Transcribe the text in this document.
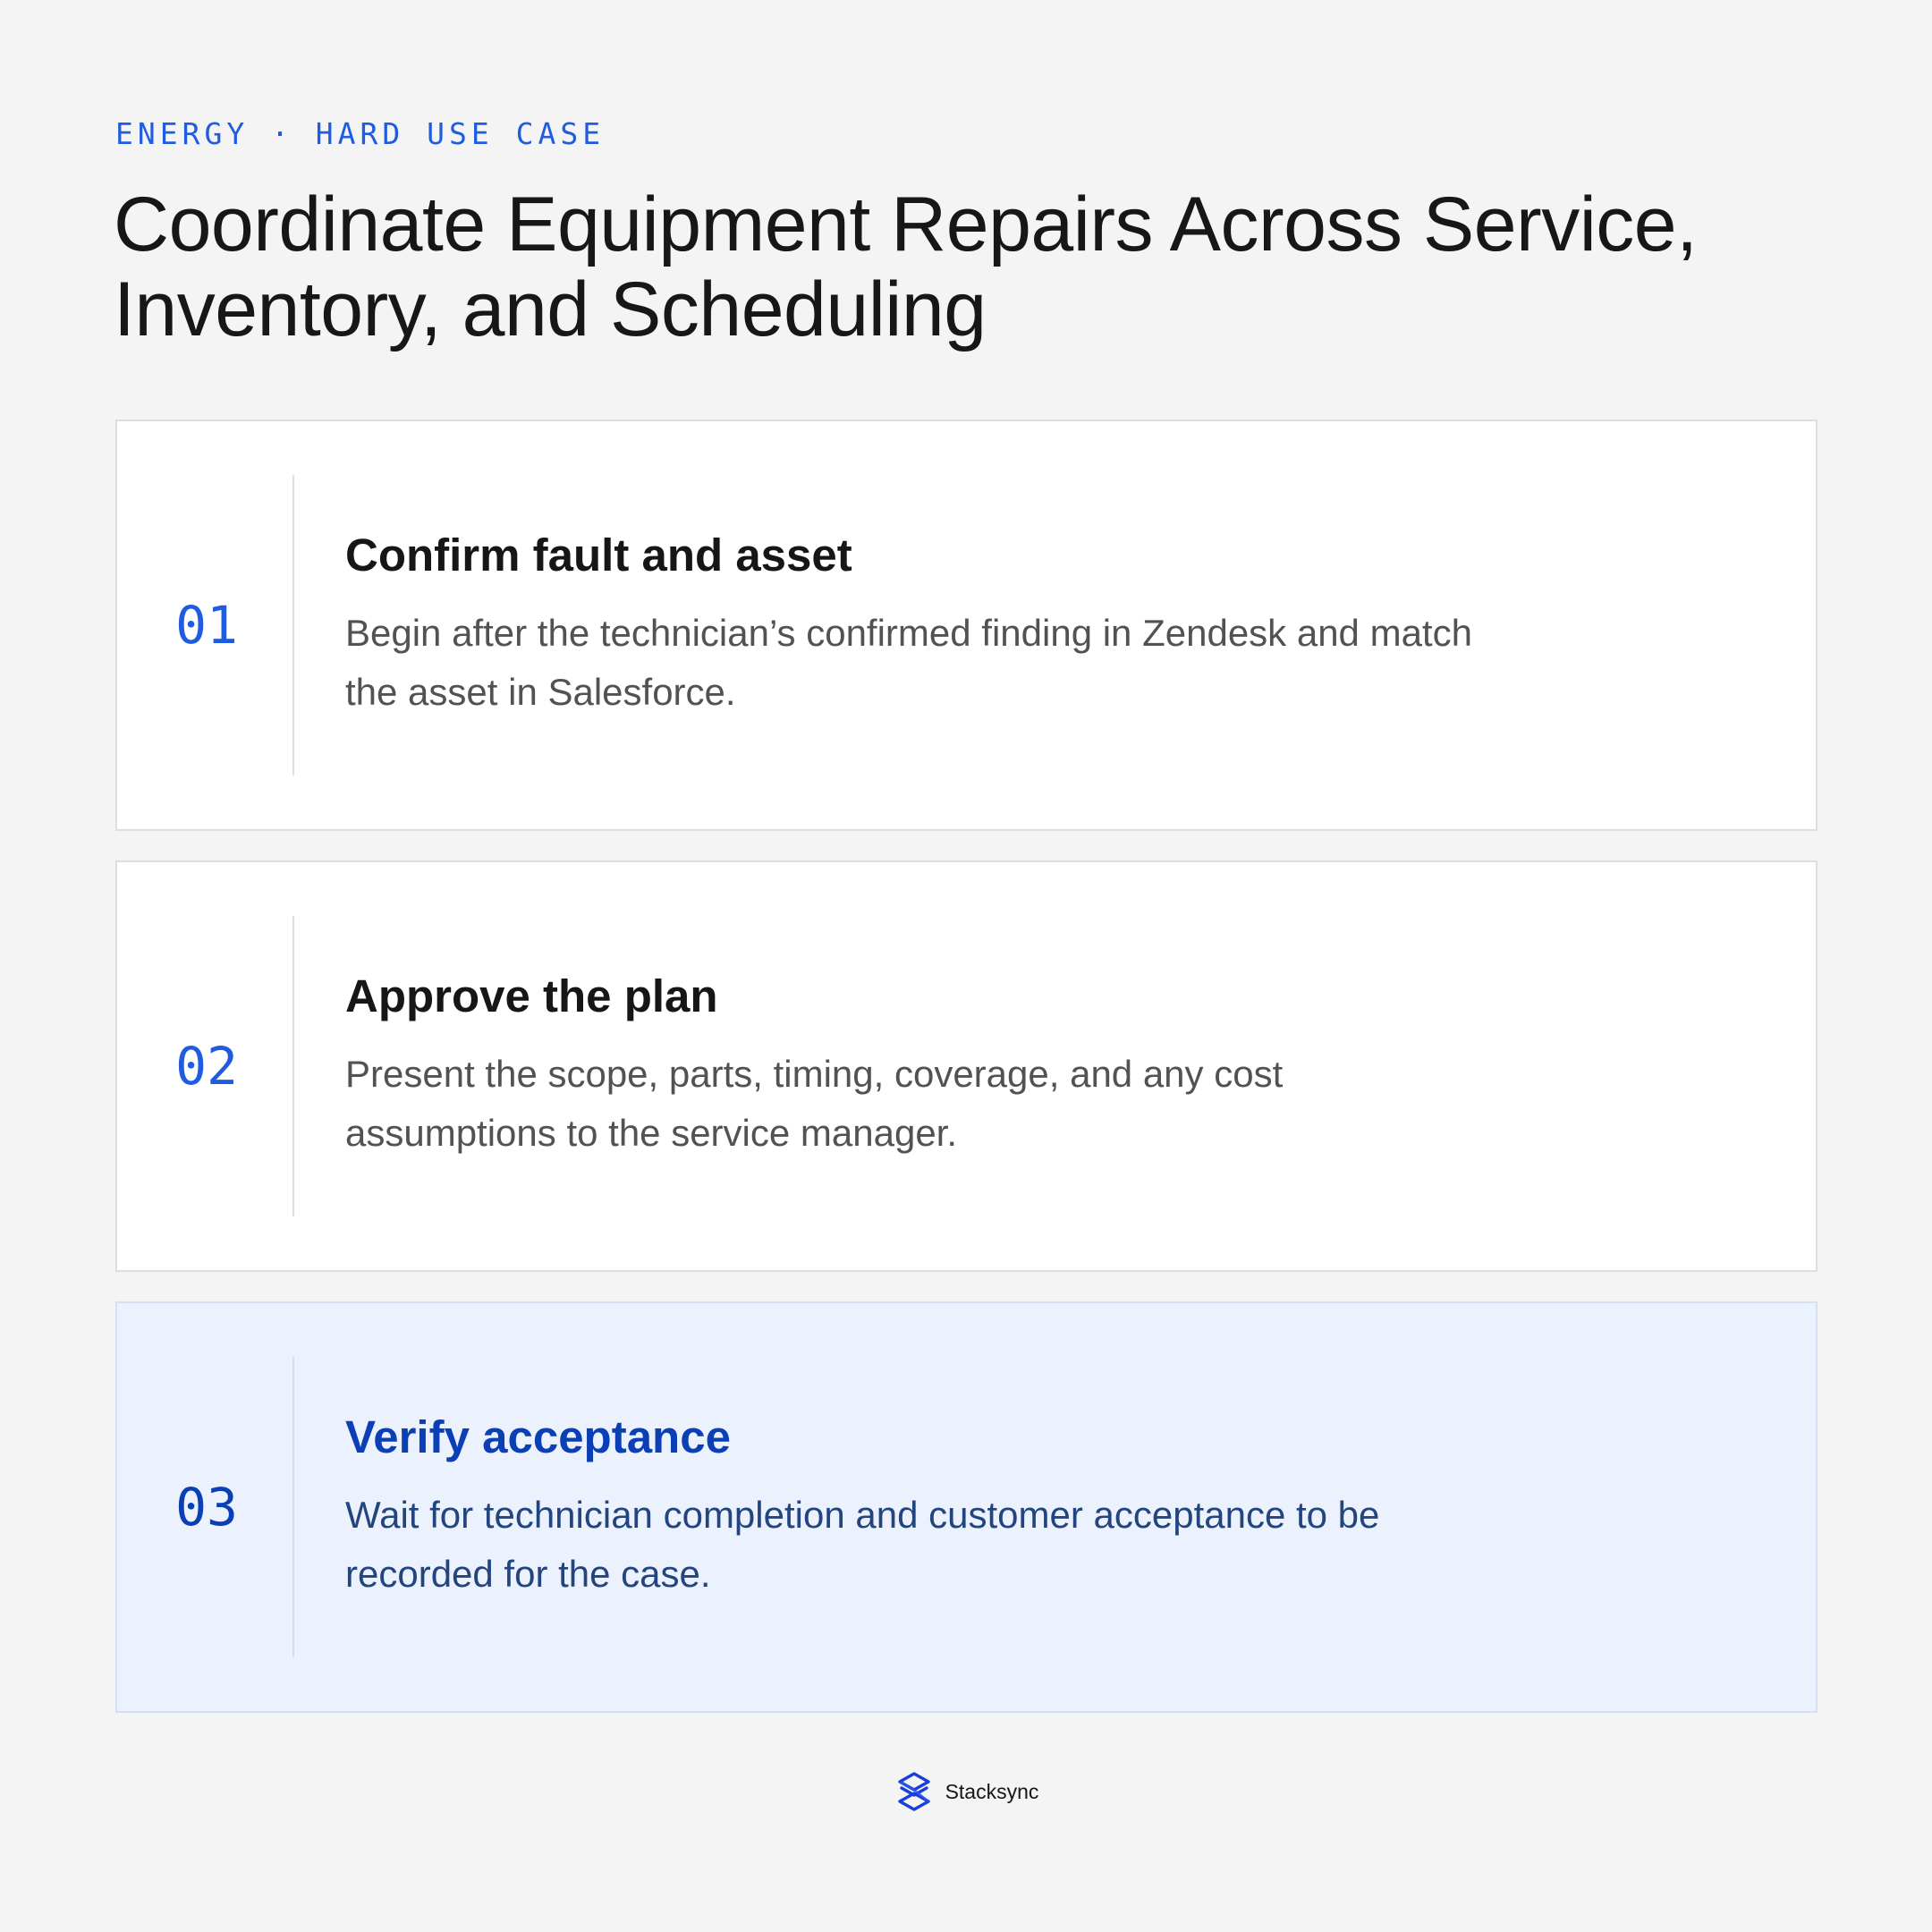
ENERGY · HARD USE CASE
Coordinate Equipment Repairs Across Service, Inventory, and Scheduling
01
Confirm fault and asset

Begin after the technician’s confirmed finding in Zendesk and match the asset in Salesforce.

02
Approve the plan

Present the scope, parts, timing, coverage, and any cost assumptions to the service manager.

03
Verify acceptance

Wait for technician completion and customer acceptance to be recorded for the case.

Stacksync
